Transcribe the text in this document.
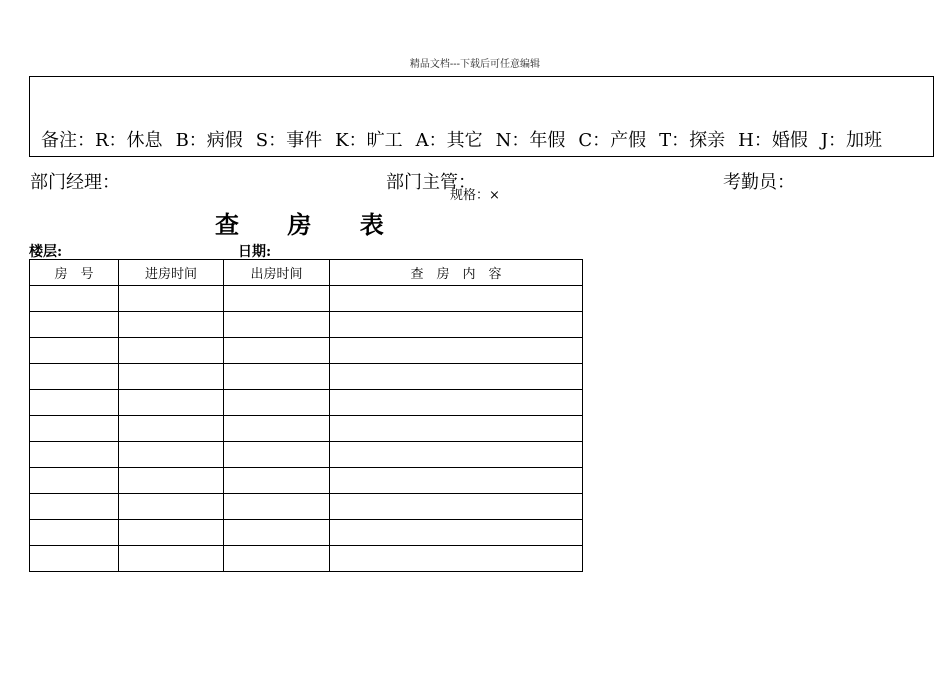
精品文档---下载后可任意编辑
备注：R：休息 B：病假 S：事件 K：旷工 A：其它 N：年假 C：产假 T：探亲 H：婚假 J：加班
部门经理：	部门主管：	考勤员：
规格：×
查 房 表
楼层:	日期:
房　号	进房时间	出房时间	查　房　内　容
